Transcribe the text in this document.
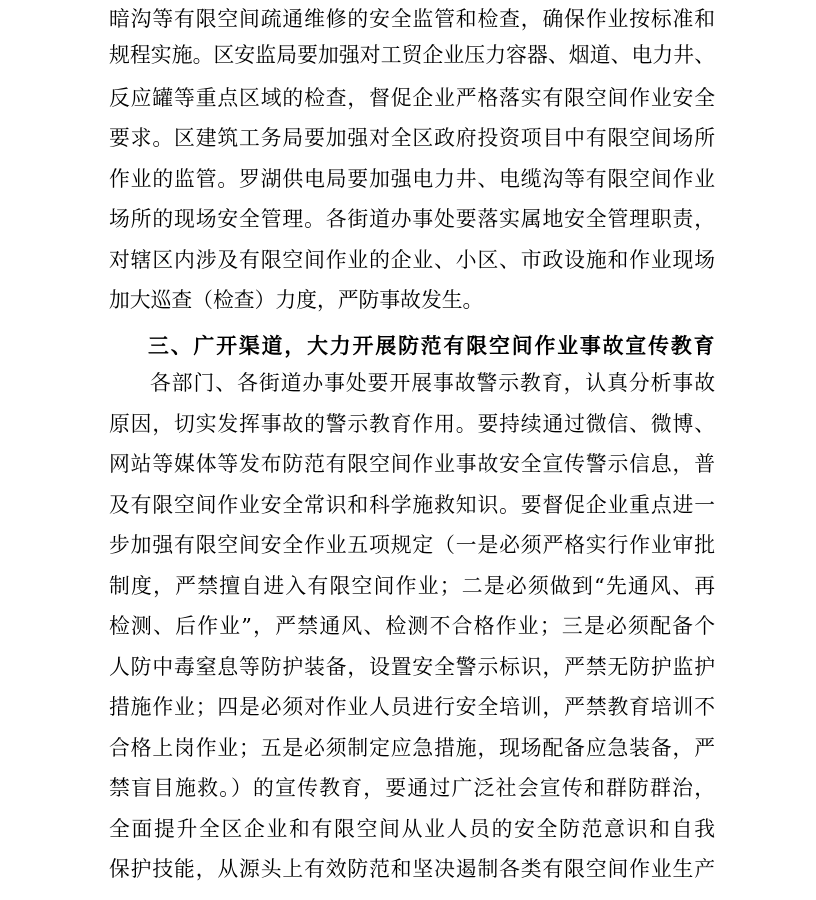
暗沟等有限空间疏通维修的安全监管和检查，确保作业按标准和
规程实施。区安监局要加强对工贸企业压力容器、烟道、电力井、
反应罐等重点区域的检查，督促企业严格落实有限空间作业安全
要求。区建筑工务局要加强对全区政府投资项目中有限空间场所
作业的监管。罗湖供电局要加强电力井、电缆沟等有限空间作业
场所的现场安全管理。各街道办事处要落实属地安全管理职责，
对辖区内涉及有限空间作业的企业、小区、市政设施和作业现场
加大巡查（检查）力度，严防事故发生。
三、广开渠道，大力开展防范有限空间作业事故宣传教育
各部门、各街道办事处要开展事故警示教育，认真分析事故
原因，切实发挥事故的警示教育作用。要持续通过微信、微博、
网站等媒体等发布防范有限空间作业事故安全宣传警示信息，普
及有限空间作业安全常识和科学施救知识。要督促企业重点进一
步加强有限空间安全作业五项规定（一是必须严格实行作业审批
制度，严禁擅自进入有限空间作业；二是必须做到“先通风、再
检测、后作业”，严禁通风、检测不合格作业；三是必须配备个
人防中毒窒息等防护装备，设置安全警示标识，严禁无防护监护
措施作业；四是必须对作业人员进行安全培训，严禁教育培训不
合格上岗作业；五是必须制定应急措施，现场配备应急装备，严
禁盲目施救。）的宣传教育，要通过广泛社会宣传和群防群治，
全面提升全区企业和有限空间从业人员的安全防范意识和自我
保护技能，从源头上有效防范和坚决遏制各类有限空间作业生产
